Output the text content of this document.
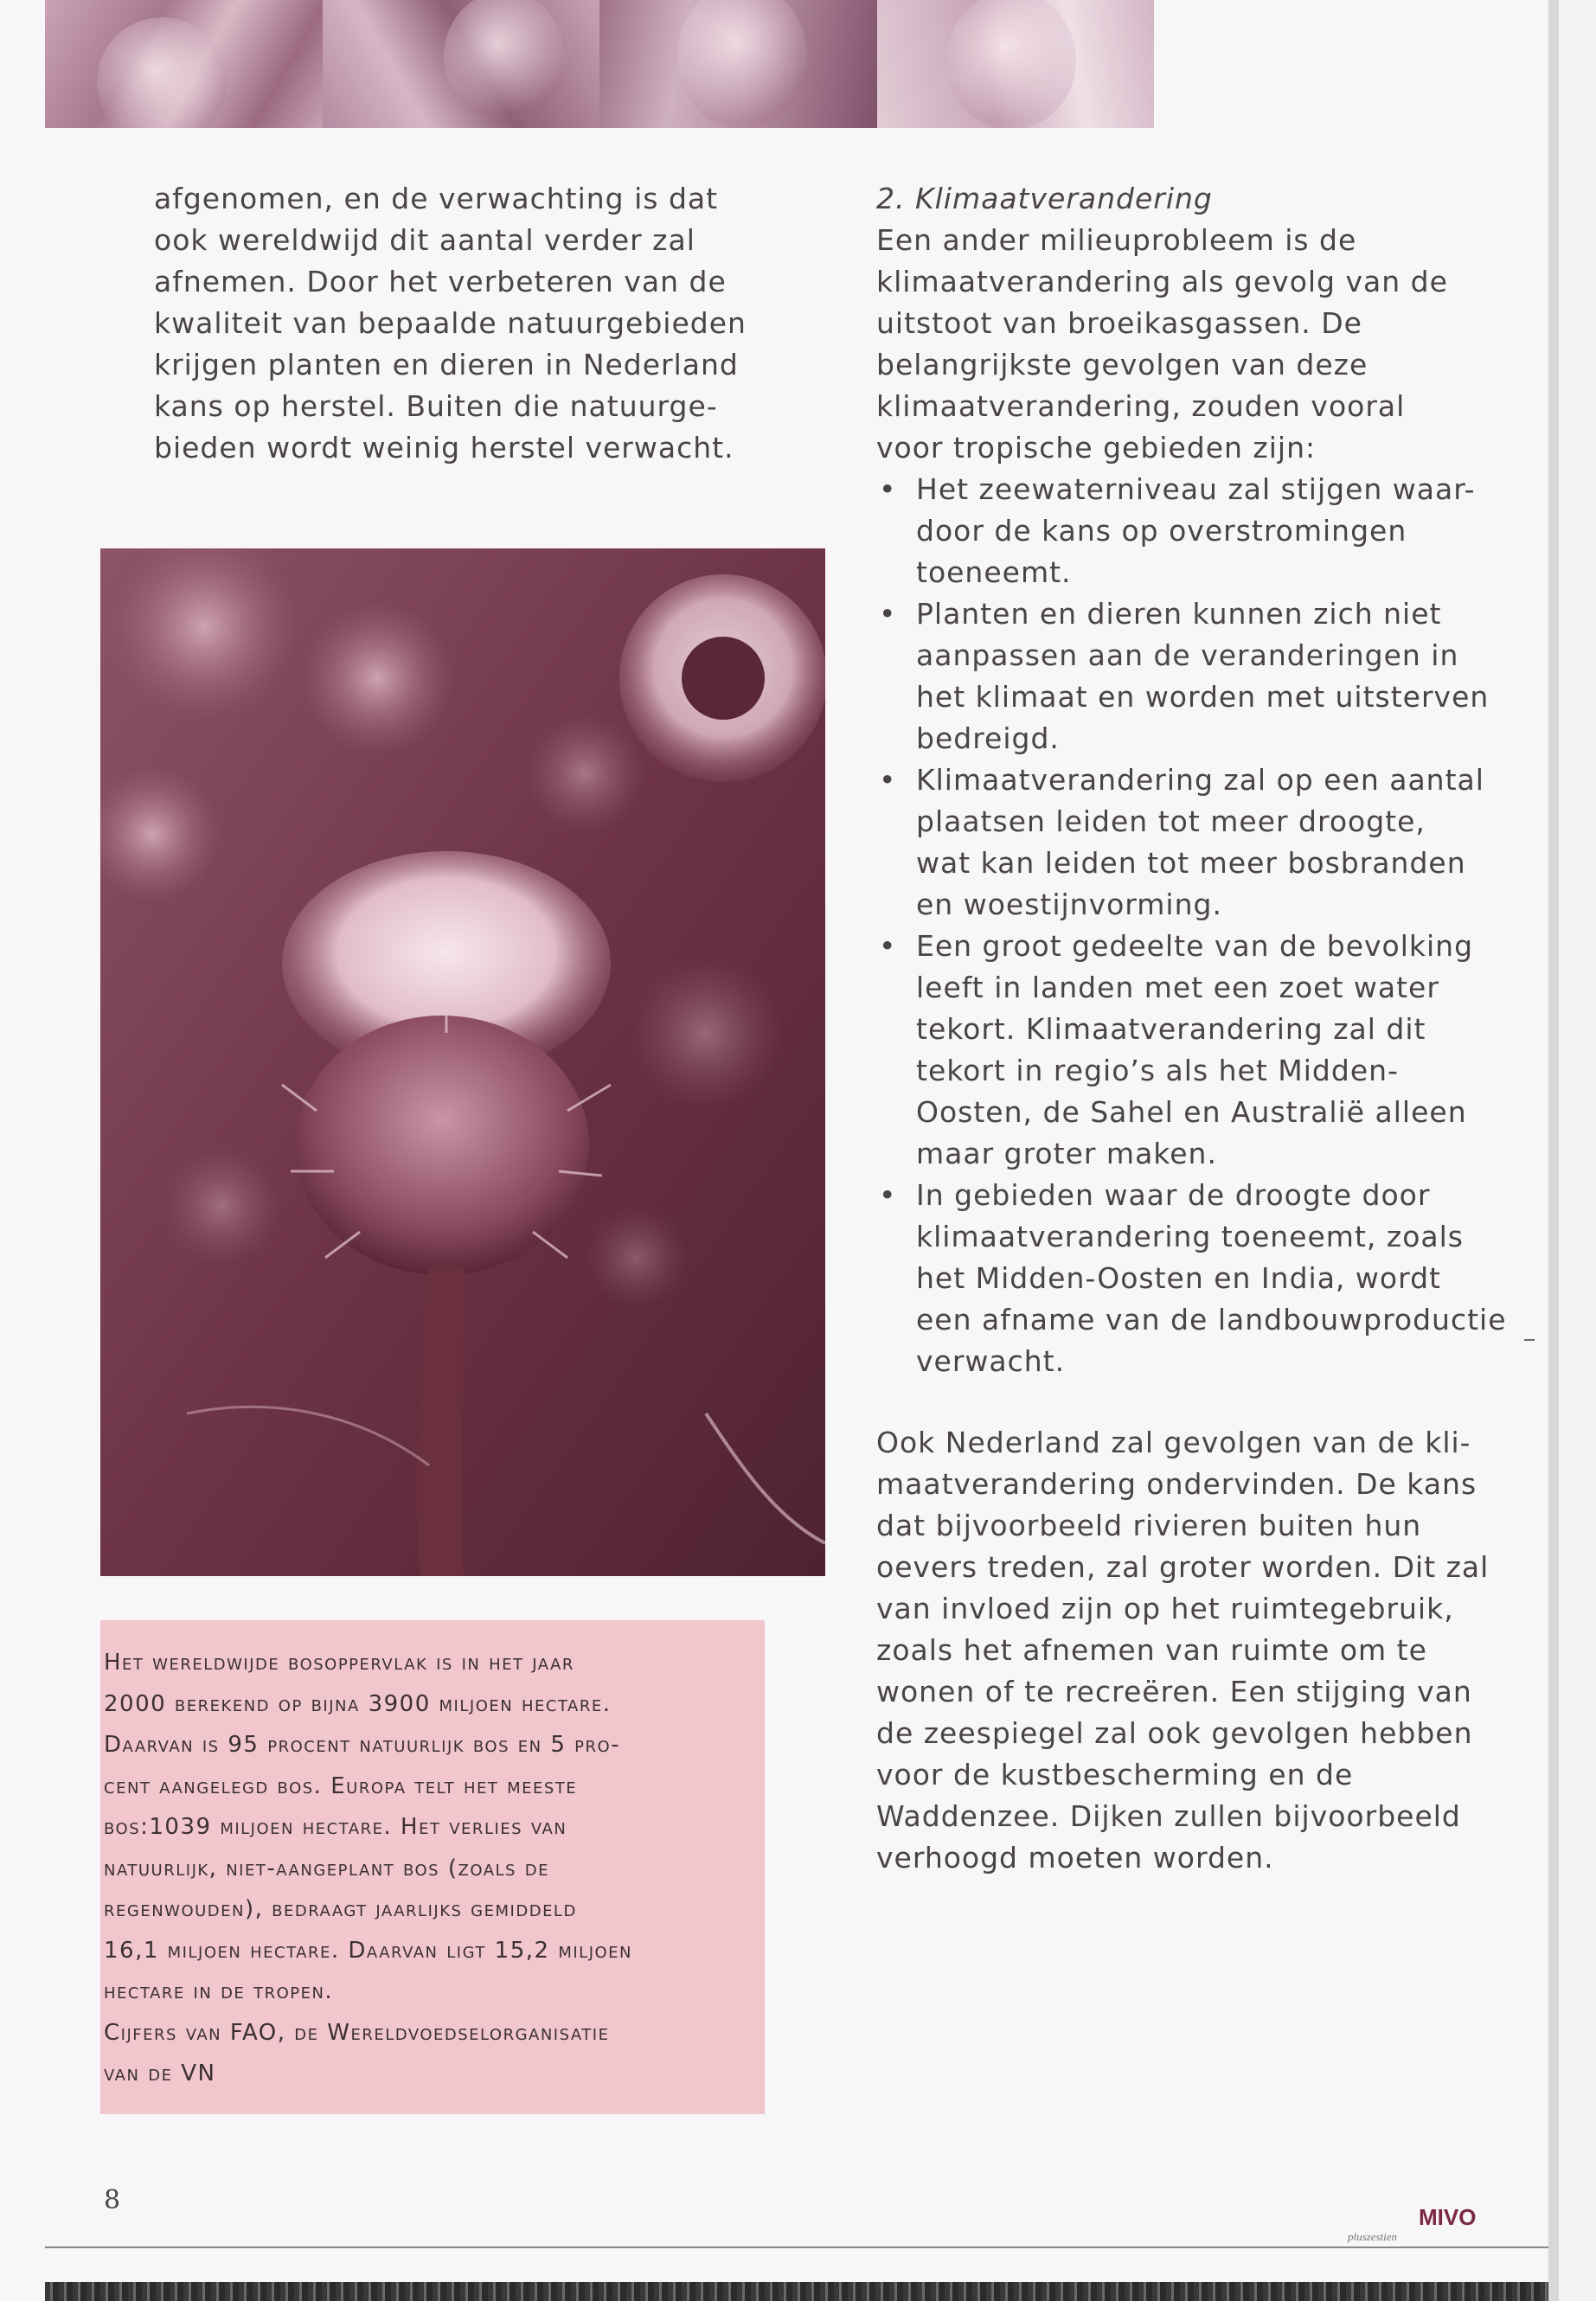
afgenomen, en de verwachting is dat
ook wereldwijd dit aantal verder zal
afnemen. Door het verbeteren van de
kwaliteit van bepaalde natuurgebieden
krijgen planten en dieren in Nederland
kans op herstel. Buiten die natuurge-
bieden wordt weinig herstel verwacht.

Het wereldwijde bosoppervlak is in het jaar
2000 berekend op bijna 3900 miljoen hectare.
Daarvan is 95 procent natuurlijk bos en 5 pro-
cent aangelegd bos. Europa telt het meeste
bos:1039 miljoen hectare. Het verlies van
natuurlijk, niet-aangeplant bos (zoals de
regenwouden), bedraagt jaarlijks gemiddeld
16,1 miljoen hectare. Daarvan ligt 15,2 miljoen
hectare in de tropen.

Cijfers van FAO, de Wereldvoedselorganisatie
van de VN

2. Klimaatverandering

Een ander milieuprobleem is de
klimaatverandering als gevolg van de
uitstoot van broeikasgassen. De
belangrijkste gevolgen van deze
klimaatverandering, zouden vooral
voor tropische gebieden zijn:

• Het zeewaterniveau zal stijgen waar-
door de kans op overstromingen
toeneemt.
• Planten en dieren kunnen zich niet
aanpassen aan de veranderingen in
het klimaat en worden met uitsterven
bedreigd.
• Klimaatverandering zal op een aantal
plaatsen leiden tot meer droogte,
wat kan leiden tot meer bosbranden
en woestijnvorming.
• Een groot gedeelte van de bevolking
leeft in landen met een zoet water
tekort. Klimaatverandering zal dit
tekort in regio’s als het Midden-
Oosten, de Sahel en Australië alleen
maar groter maken.
• In gebieden waar de droogte door
klimaatverandering toeneemt, zoals
het Midden-Oosten en India, wordt
een afname van de landbouwproductie
verwacht.

Ook Nederland zal gevolgen van de kli-
maatverandering ondervinden. De kans
dat bijvoorbeeld rivieren buiten hun
oevers treden, zal groter worden. Dit zal
van invloed zijn op het ruimtegebruik,
zoals het afnemen van ruimte om te
wonen of te recreëren. Een stijging van
de zeespiegel zal ook gevolgen hebben
voor de kustbescherming en de
Waddenzee. Dijken zullen bijvoorbeeld
verhoogd moeten worden.

8
MIVO
pluszestien
